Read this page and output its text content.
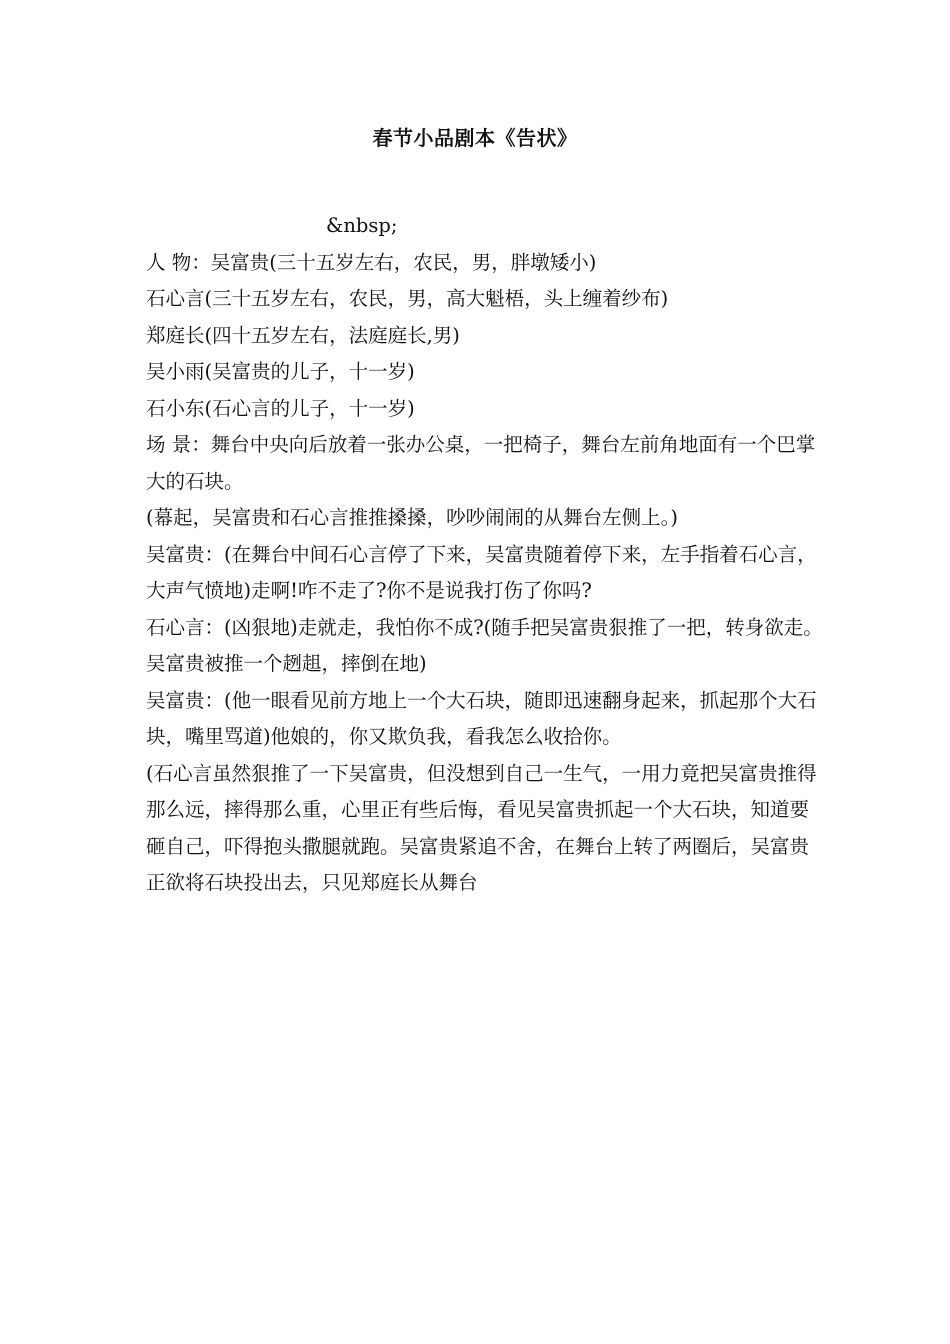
春节小品剧本《告状》
&nbsp;
人 物：吴富贵(三十五岁左右，农民，男，胖墩矮小)
石心言(三十五岁左右，农民，男，高大魁梧，头上缠着纱布)
郑庭长(四十五岁左右，法庭庭长,男)
吴小雨(吴富贵的儿子，十一岁)
石小东(石心言的儿子，十一岁)
场 景：舞台中央向后放着一张办公桌，一把椅子，舞台左前角地面有一个巴掌大的石块。
(幕起，吴富贵和石心言推推搡搡，吵吵闹闹的从舞台左侧上。)
吴富贵：(在舞台中间石心言停了下来，吴富贵随着停下来，左手指着石心言，大声气愤地)走啊!咋不走了?你不是说我打伤了你吗?
石心言：(凶狠地)走就走，我怕你不成?(随手把吴富贵狠推了一把，转身欲走。吴富贵被推一个趔趄，摔倒在地)
吴富贵：(他一眼看见前方地上一个大石块，随即迅速翻身起来，抓起那个大石块，嘴里骂道)他娘的，你又欺负我，看我怎么收拾你。
(石心言虽然狠推了一下吴富贵，但没想到自己一生气，一用力竟把吴富贵推得那么远，摔得那么重，心里正有些后悔，看见吴富贵抓起一个大石块，知道要砸自己，吓得抱头撒腿就跑。吴富贵紧追不舍，在舞台上转了两圈后，吴富贵正欲将石块投出去，只见郑庭长从舞台
